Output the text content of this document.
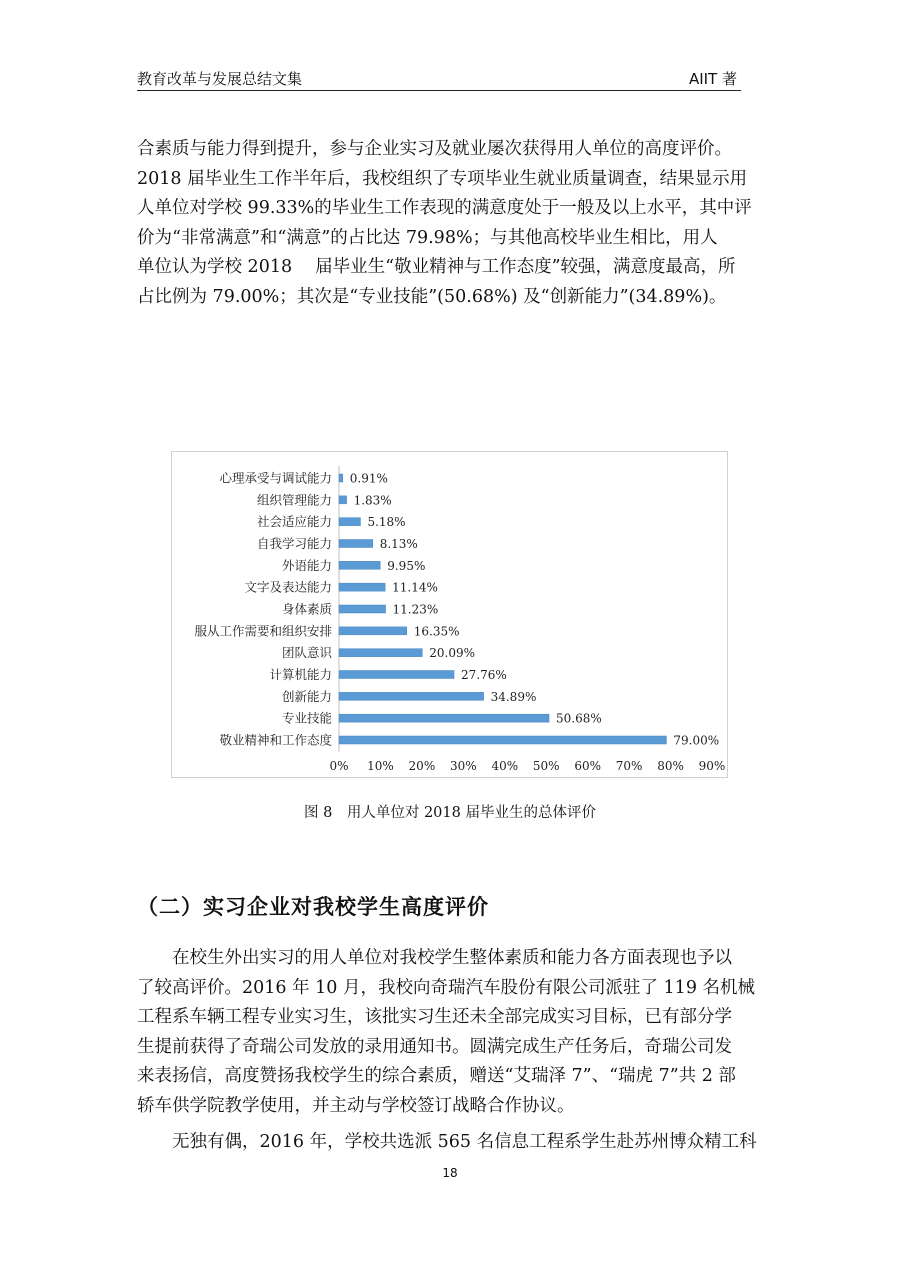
教育改革与发展总结文集	AIIT 著
合素质与能力得到提升，参与企业实习及就业屡次获得用人单位的高度评价。
2018 届毕业生工作半年后，我校组织了专项毕业生就业质量调查，结果显示用
人单位对学校 99.33%的毕业生工作表现的满意度处于一般及以上水平，其中评
价为“非常满意”和“满意”的占比达 79.98%；与其他高校毕业生相比，用人
单位认为学校 2018　 届毕业生“敬业精神与工作态度”较强，满意度最高，所
占比例为 79.00%；其次是“专业技能”(50.68%) 及“创新能力”(34.89%)。
心理承受与调试能力 0.91%
组织管理能力 1.83%
社会适应能力	5.18%
自我学习能力	8.13%
外语能力	9.95%
文字及表达能力	11.14%
身体素质	11.23%
服从工作需要和组织安排	16.35%
团队意识	20.09%
计算机能力	27.76%
创新能力	34.89%
专业技能	50.68%
敬业精神和工作态度	79.00%
0% 10% 20% 30% 40% 50% 60% 70% 80% 90%
图 8　用人单位对 2018 届毕业生的总体评价
（二）实习企业对我校学生高度评价
在校生外出实习的用人单位对我校学生整体素质和能力各方面表现也予以
了较高评价。2016 年 10 月，我校向奇瑞汽车股份有限公司派驻了 119 名机械
工程系车辆工程专业实习生，该批实习生还未全部完成实习目标，已有部分学
生提前获得了奇瑞公司发放的录用通知书。圆满完成生产任务后，奇瑞公司发
来表扬信，高度赞扬我校学生的综合素质，赠送“艾瑞泽 7”、“瑞虎 7”共 2 部
轿车供学院教学使用，并主动与学校签订战略合作协议。
无独有偶，2016 年，学校共选派 565 名信息工程系学生赴苏州博众精工科
18
